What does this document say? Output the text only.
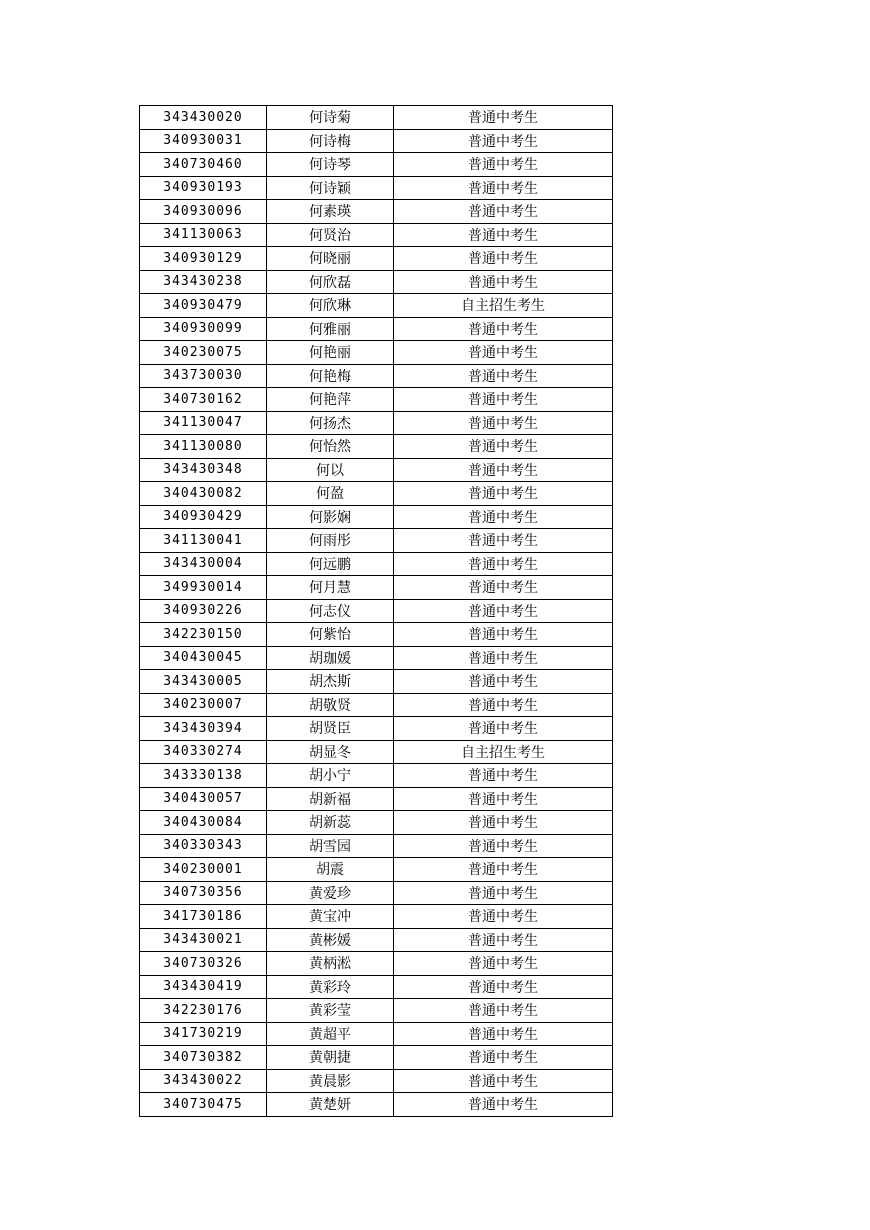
343430020	何诗菊	普通中考生
340930031	何诗梅	普通中考生
340730460	何诗琴	普通中考生
340930193	何诗颖	普通中考生
340930096	何素瑛	普通中考生
341130063	何贤治	普通中考生
340930129	何晓丽	普通中考生
343430238	何欣磊	普通中考生
340930479	何欣琳	自主招生考生
340930099	何雅丽	普通中考生
340230075	何艳丽	普通中考生
343730030	何艳梅	普通中考生
340730162	何艳萍	普通中考生
341130047	何扬杰	普通中考生
341130080	何怡然	普通中考生
343430348	何以	普通中考生
340430082	何盈	普通中考生
340930429	何影娴	普通中考生
341130041	何雨彤	普通中考生
343430004	何远鹏	普通中考生
349930014	何月慧	普通中考生
340930226	何志仪	普通中考生
342230150	何紫怡	普通中考生
340430045	胡珈媛	普通中考生
343430005	胡杰斯	普通中考生
340230007	胡敬贤	普通中考生
343430394	胡贤臣	普通中考生
340330274	胡显冬	自主招生考生
343330138	胡小宁	普通中考生
340430057	胡新福	普通中考生
340430084	胡新蕊	普通中考生
340330343	胡雪园	普通中考生
340230001	胡震	普通中考生
340730356	黄爱珍	普通中考生
341730186	黄宝冲	普通中考生
343430021	黄彬媛	普通中考生
340730326	黄柄淞	普通中考生
343430419	黄彩玲	普通中考生
342230176	黄彩莹	普通中考生
341730219	黄超平	普通中考生
340730382	黄朝捷	普通中考生
343430022	黄晨影	普通中考生
340730475	黄楚妍	普通中考生
